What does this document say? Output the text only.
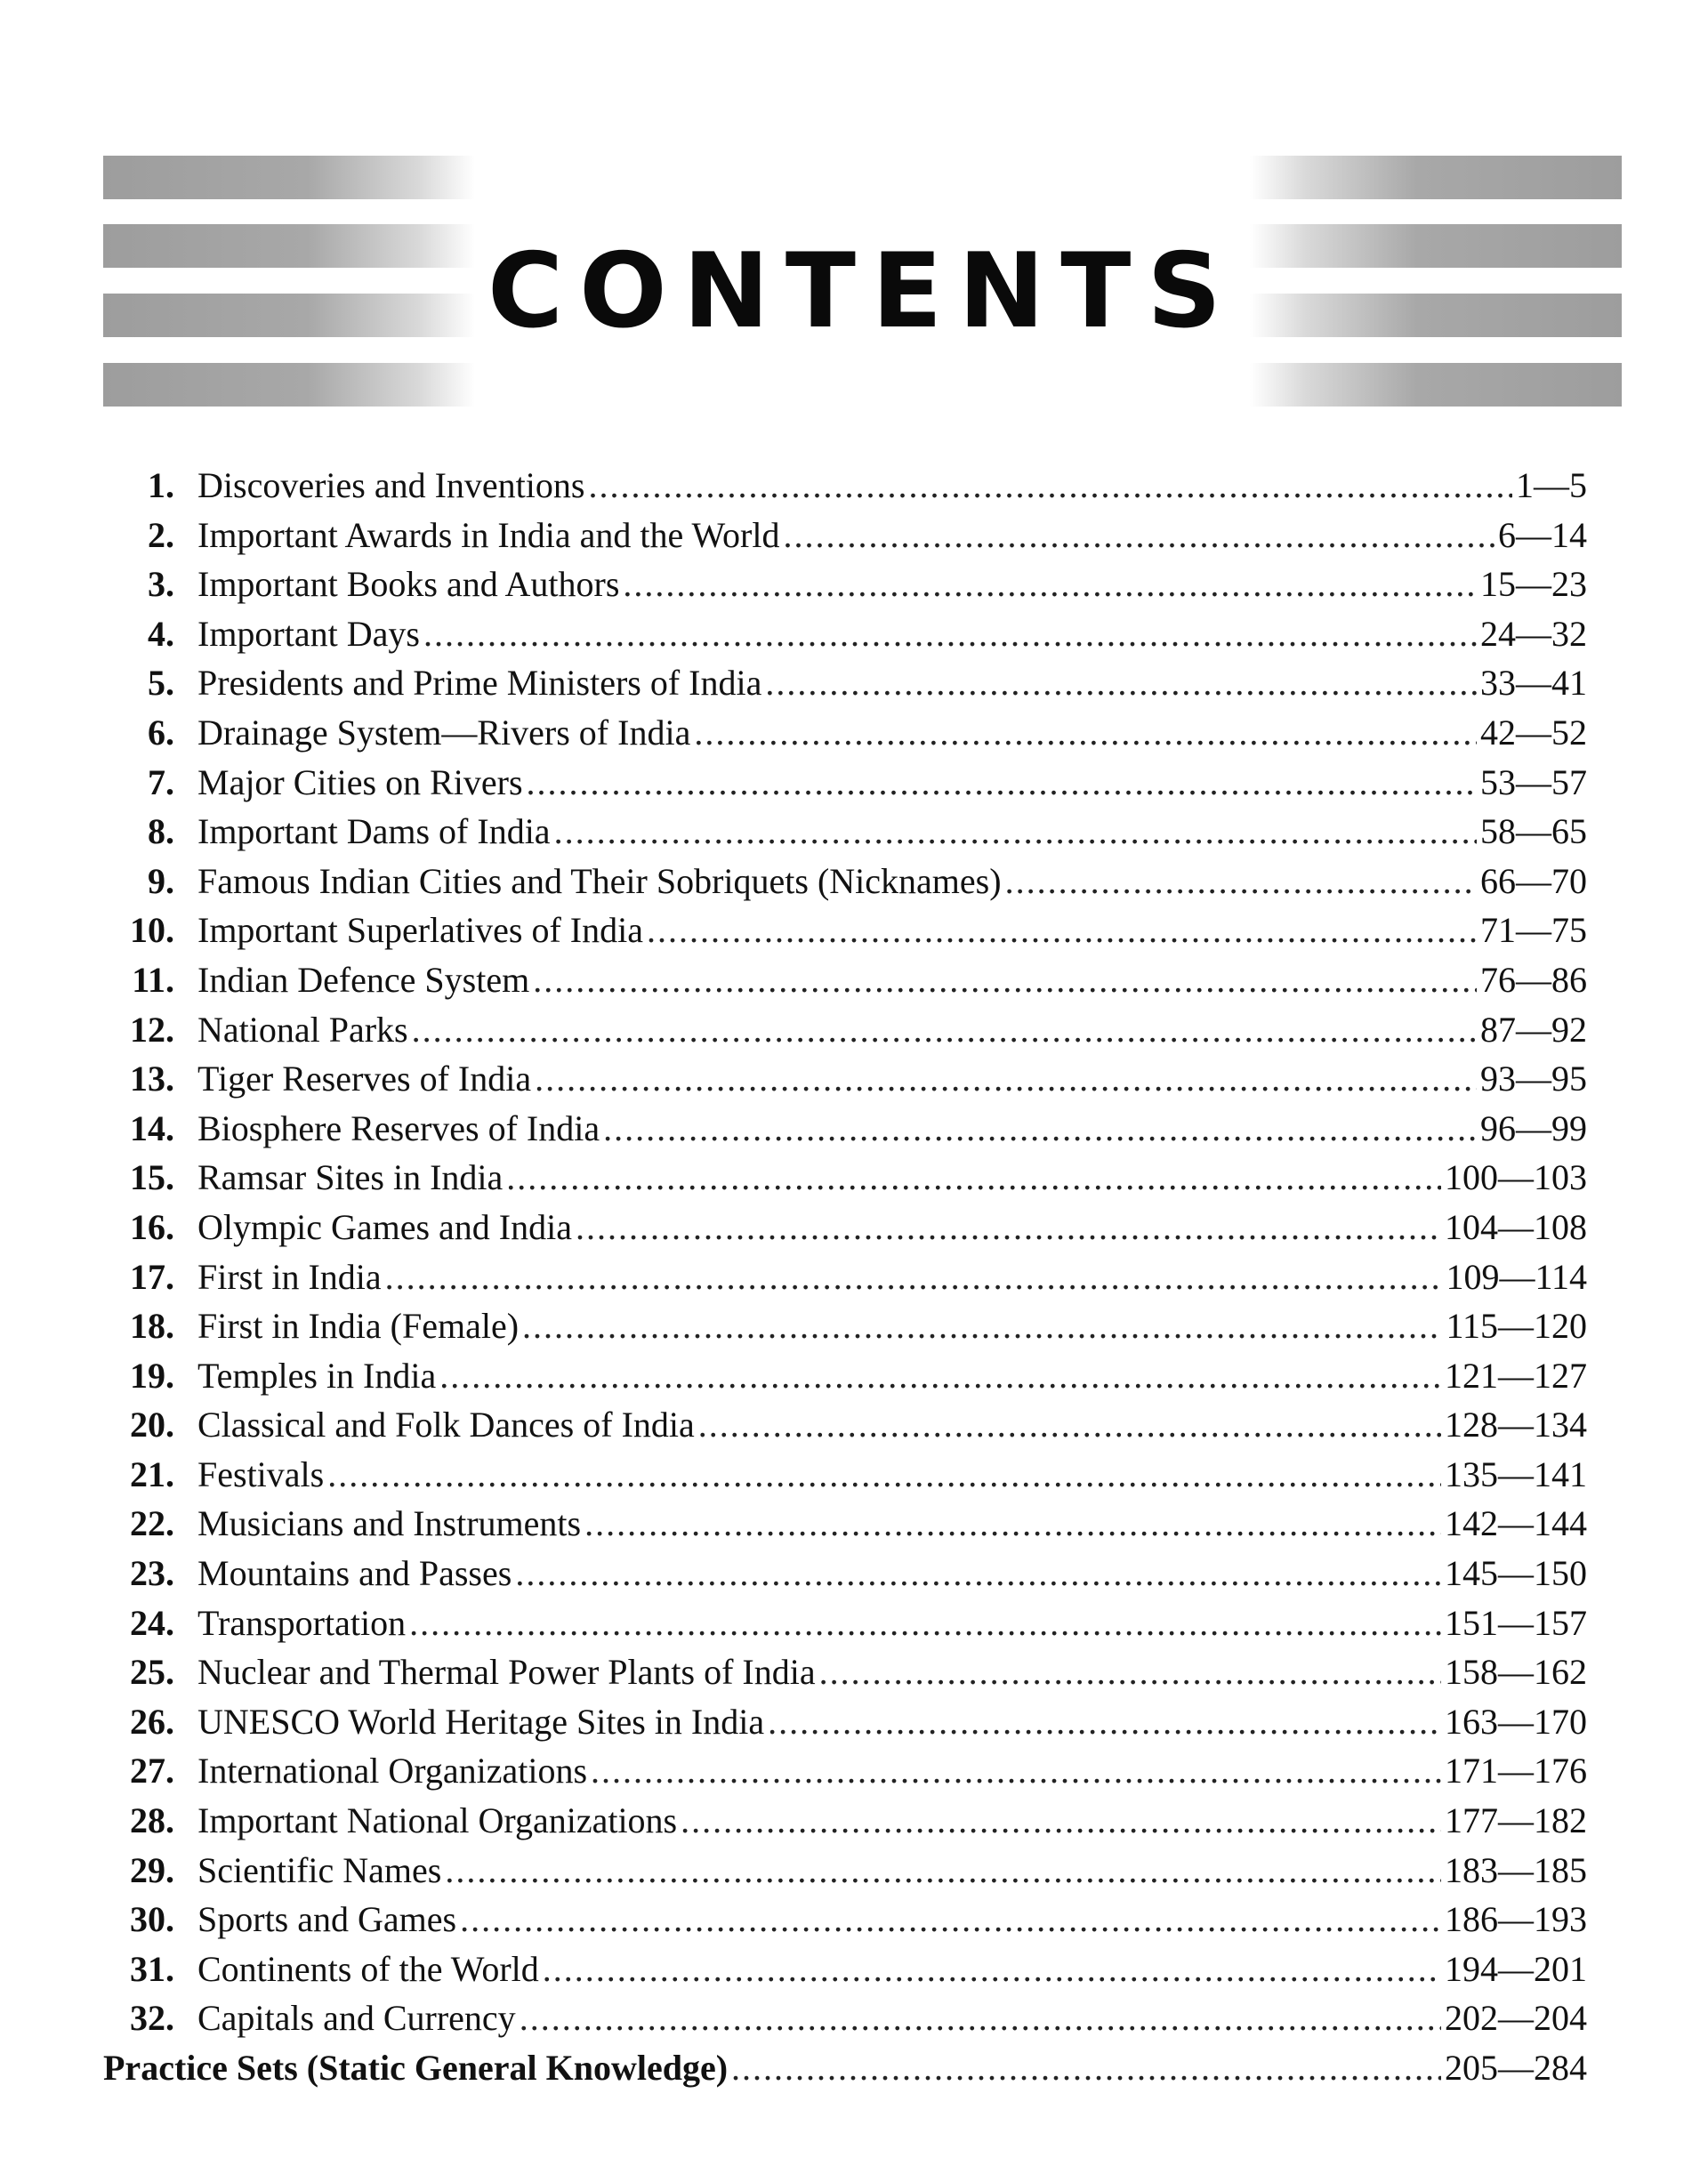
CONTENTS
1. Discoveries and Inventions .....	1—5
2. Important Awards in India and the World .....	6—14
3. Important Books and Authors .....	15—23
4. Important Days .....	24—32
5. Presidents and Prime Ministers of India .....	33—41
6. Drainage System—Rivers of India .....	42—52
7. Major Cities on Rivers .....	53—57
8. Important Dams of India .....	58—65
9. Famous Indian Cities and Their Sobriquets (Nicknames) .....	66—70
10. Important Superlatives of India .....	71—75
11. Indian Defence System .....	76—86
12. National Parks .....	87—92
13. Tiger Reserves of India .....	93—95
14. Biosphere Reserves of India .....	96—99
15. Ramsar Sites in India .....	100—103
16. Olympic Games and India .....	104—108
17. First in India .....	109—114
18. First in India (Female) .....	115—120
19. Temples in India .....	121—127
20. Classical and Folk Dances of India .....	128—134
21. Festivals .....	135—141
22. Musicians and Instruments .....	142—144
23. Mountains and Passes .....	145—150
24. Transportation .....	151—157
25. Nuclear and Thermal Power Plants of India .....	158—162
26. UNESCO World Heritage Sites in India .....	163—170
27. International Organizations .....	171—176
28. Important National Organizations .....	177—182
29. Scientific Names .....	183—185
30. Sports and Games .....	186—193
31. Continents of the World .....	194—201
32. Capitals and Currency .....	202—204
Practice Sets (Static General Knowledge) .....	205—284
